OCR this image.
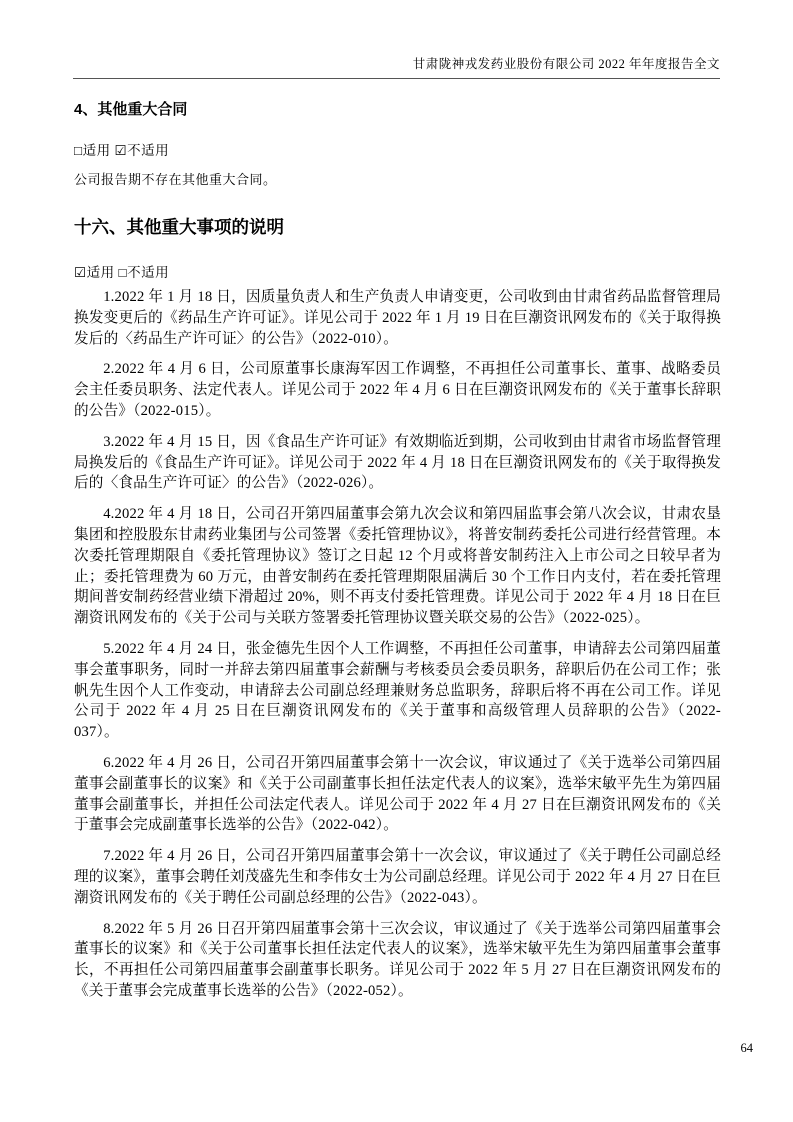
甘肃陇神戎发药业股份有限公司 2022 年年度报告全文
4、其他重大合同
□适用 ☑不适用
公司报告期不存在其他重大合同。
十六、其他重大事项的说明
☑适用 □不适用

1.2022 年 1 月 18 日，因质量负责人和生产负责人申请变更，公司收到由甘肃省药品监督管理局换发变更后的《药品生产许可证》。详见公司于 2022 年 1 月 19 日在巨潮资讯网发布的《关于取得换发后的〈药品生产许可证〉的公告》（2022-010）。

2.2022 年 4 月 6 日，公司原董事长康海军因工作调整，不再担任公司董事长、董事、战略委员会主任委员职务、法定代表人。详见公司于 2022 年 4 月 6 日在巨潮资讯网发布的《关于董事长辞职的公告》（2022-015）。

3.2022 年 4 月 15 日，因《食品生产许可证》有效期临近到期，公司收到由甘肃省市场监督管理局换发后的《食品生产许可证》。详见公司于 2022 年 4 月 18 日在巨潮资讯网发布的《关于取得换发后的〈食品生产许可证〉的公告》（2022-026）。

4.2022 年 4 月 18 日，公司召开第四届董事会第九次会议和第四届监事会第八次会议，甘肃农垦集团和控股股东甘肃药业集团与公司签署《委托管理协议》，将普安制药委托公司进行经营管理。本次委托管理期限自《委托管理协议》签订之日起 12 个月或将普安制药注入上市公司之日较早者为止；委托管理费为 60 万元，由普安制药在委托管理期限届满后 30 个工作日内支付，若在委托管理期间普安制药经营业绩下滑超过 20%，则不再支付委托管理费。详见公司于 2022 年 4 月 18 日在巨潮资讯网发布的《关于公司与关联方签署委托管理协议暨关联交易的公告》（2022-025）。

5.2022 年 4 月 24 日，张金德先生因个人工作调整，不再担任公司董事，申请辞去公司第四届董事会董事职务，同时一并辞去第四届董事会薪酬与考核委员会委员职务，辞职后仍在公司工作；张帆先生因个人工作变动，申请辞去公司副总经理兼财务总监职务，辞职后将不再在公司工作。详见公司于 2022 年 4 月 25 日在巨潮资讯网发布的《关于董事和高级管理人员辞职的公告》（2022-037）。

6.2022 年 4 月 26 日，公司召开第四届董事会第十一次会议，审议通过了《关于选举公司第四届董事会副董事长的议案》和《关于公司副董事长担任法定代表人的议案》，选举宋敏平先生为第四届董事会副董事长，并担任公司法定代表人。详见公司于 2022 年 4 月 27 日在巨潮资讯网发布的《关于董事会完成副董事长选举的公告》（2022-042）。

7.2022 年 4 月 26 日，公司召开第四届董事会第十一次会议，审议通过了《关于聘任公司副总经理的议案》，董事会聘任刘茂盛先生和李伟女士为公司副总经理。详见公司于 2022 年 4 月 27 日在巨潮资讯网发布的《关于聘任公司副总经理的公告》（2022-043）。

8.2022 年 5 月 26 日召开第四届董事会第十三次会议，审议通过了《关于选举公司第四届董事会董事长的议案》和《关于公司董事长担任法定代表人的议案》，选举宋敏平先生为第四届董事会董事长，不再担任公司第四届董事会副董事长职务。详见公司于 2022 年 5 月 27 日在巨潮资讯网发布的《关于董事会完成董事长选举的公告》（2022-052）。

64
